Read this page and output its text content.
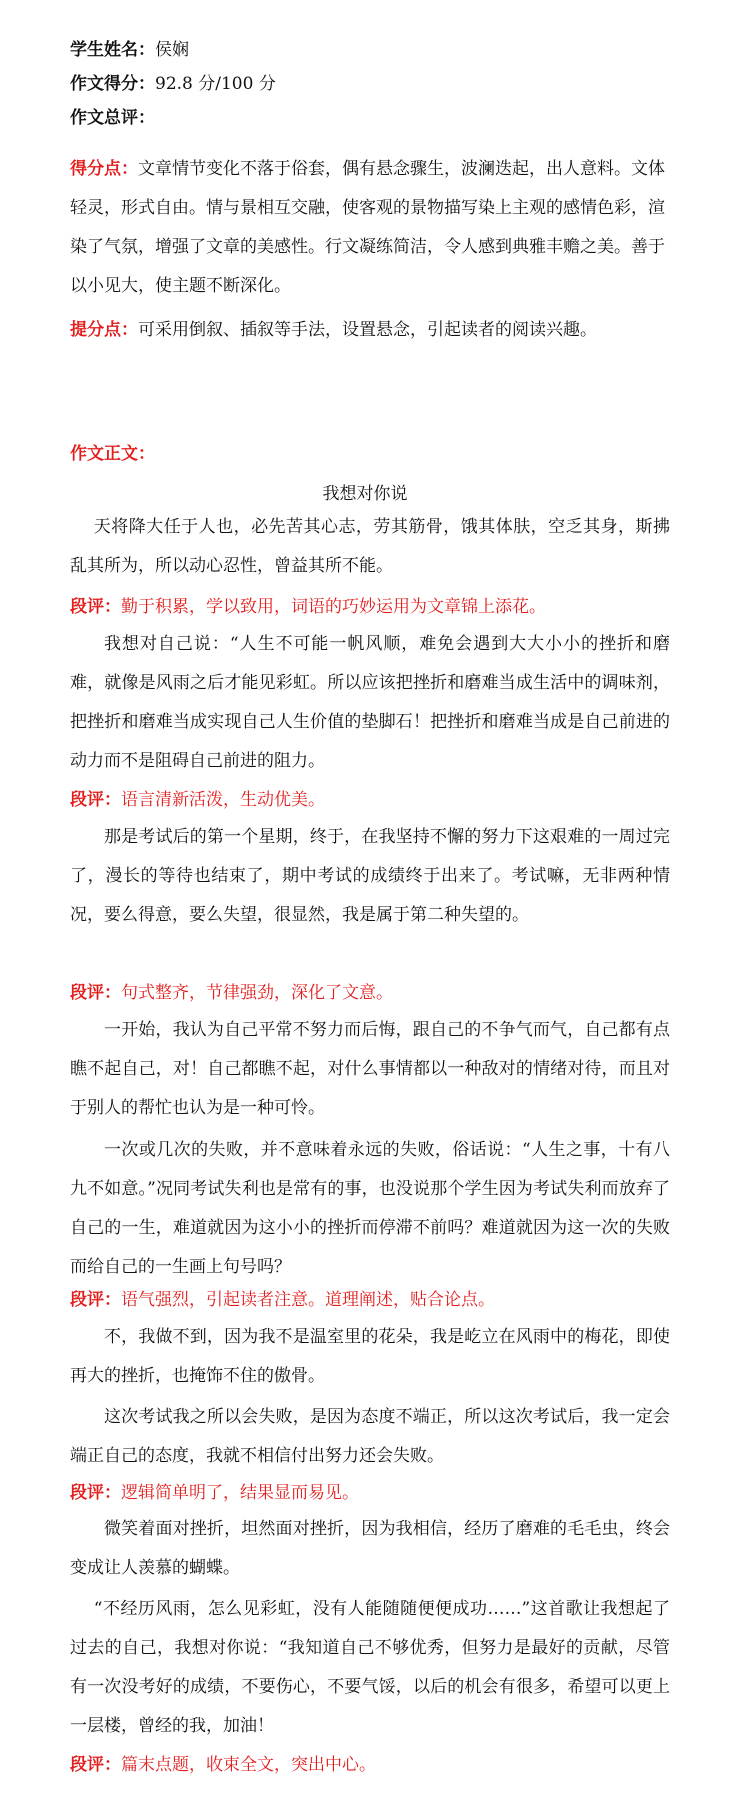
学生姓名：侯娴
作文得分：92.8 分/100 分
作文总评：
得分点：文章情节变化不落于俗套，偶有悬念骤生，波澜迭起，出人意料。文体轻灵，形式自由。情与景相互交融，使客观的景物描写染上主观的感情色彩，渲染了气氛，增强了文章的美感性。行文凝练简洁，令人感到典雅丰赡之美。善于以小见大，使主题不断深化。
提分点：可采用倒叙、插叙等手法，设置悬念，引起读者的阅读兴趣。
作文正文：
我想对你说
天将降大任于人也，必先苦其心志，劳其筋骨，饿其体肤，空乏其身，斯拂乱其所为，所以动心忍性，曾益其所不能。
段评：勤于积累，学以致用，词语的巧妙运用为文章锦上添花。
我想对自己说：“人生不可能一帆风顺，难免会遇到大大小小的挫折和磨难，就像是风雨之后才能见彩虹。所以应该把挫折和磨难当成生活中的调味剂，把挫折和磨难当成实现自己人生价值的垫脚石！把挫折和磨难当成是自己前进的动力而不是阻碍自己前进的阻力。
段评：语言清新活泼，生动优美。
那是考试后的第一个星期，终于，在我坚持不懈的努力下这艰难的一周过完了，漫长的等待也结束了，期中考试的成绩终于出来了。考试嘛，无非两种情况，要么得意，要么失望，很显然，我是属于第二种失望的。
段评：句式整齐，节律强劲，深化了文意。
一开始，我认为自己平常不努力而后悔，跟自己的不争气而气，自己都有点瞧不起自己，对！自己都瞧不起，对什么事情都以一种敌对的情绪对待，而且对于别人的帮忙也认为是一种可怜。
一次或几次的失败，并不意味着永远的失败，俗话说：“人生之事，十有八九不如意。”况同考试失利也是常有的事，也没说那个学生因为考试失利而放弃了自己的一生，难道就因为这小小的挫折而停滞不前吗？难道就因为这一次的失败而给自己的一生画上句号吗？
段评：语气强烈，引起读者注意。道理阐述，贴合论点。
不，我做不到，因为我不是温室里的花朵，我是屹立在风雨中的梅花，即使再大的挫折，也掩饰不住的傲骨。
这次考试我之所以会失败，是因为态度不端正，所以这次考试后，我一定会端正自己的态度，我就不相信付出努力还会失败。
段评：逻辑简单明了，结果显而易见。
微笑着面对挫折，坦然面对挫折，因为我相信，经历了磨难的毛毛虫，终会变成让人羡慕的蝴蝶。
“不经历风雨，怎么见彩虹，没有人能随随便便成功……”这首歌让我想起了过去的自己，我想对你说：“我知道自己不够优秀，但努力是最好的贡献，尽管有一次没考好的成绩，不要伤心，不要气馁，以后的机会有很多，希望可以更上一层楼，曾经的我，加油！
段评：篇末点题，收束全文，突出中心。
